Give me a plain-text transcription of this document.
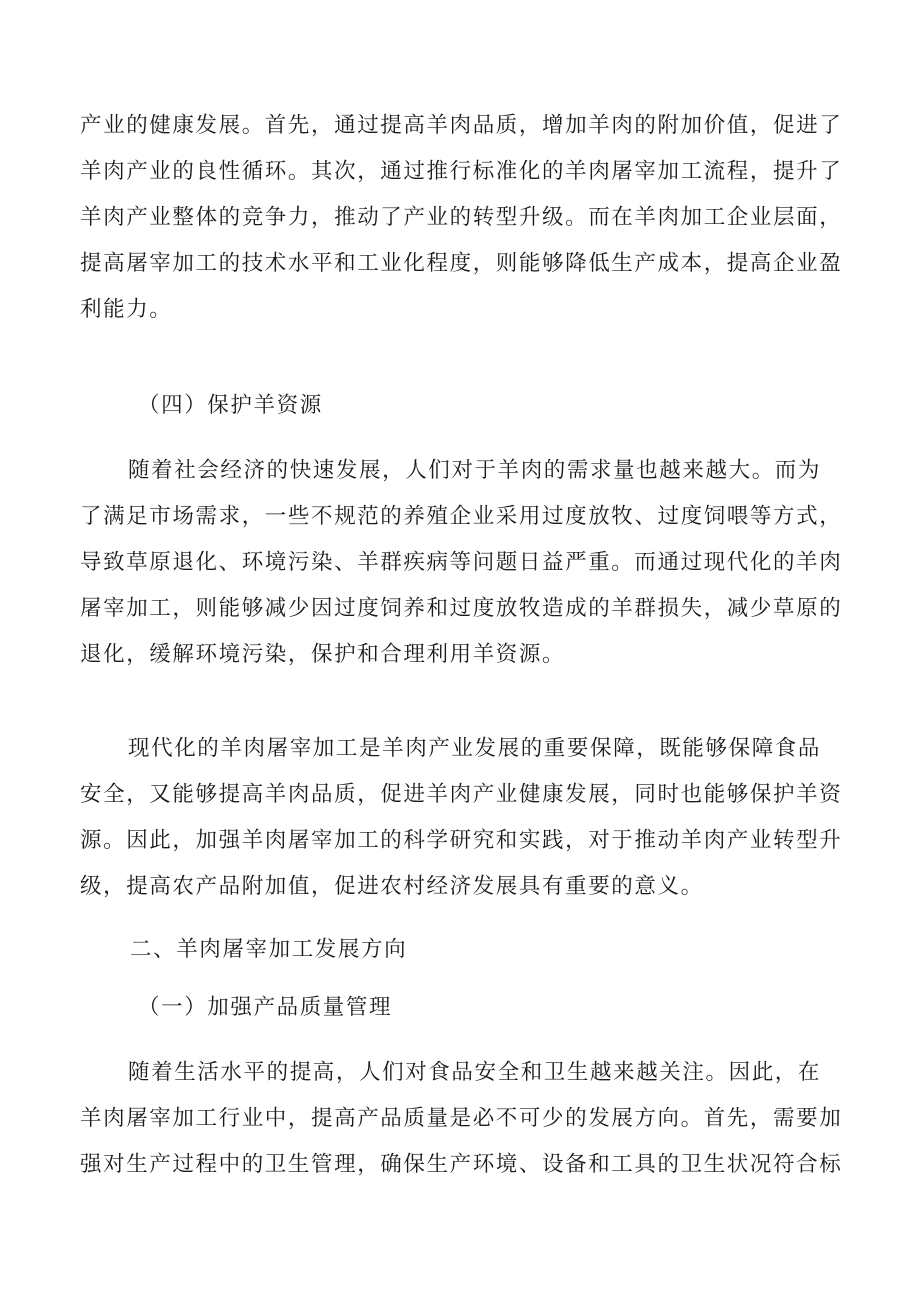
产业的健康发展。首先，通过提高羊肉品质，增加羊肉的附加价值，促进了
羊肉产业的良性循环。其次，通过推行标准化的羊肉屠宰加工流程，提升了
羊肉产业整体的竞争力，推动了产业的转型升级。而在羊肉加工企业层面，
提高屠宰加工的技术水平和工业化程度，则能够降低生产成本，提高企业盈
利能力。
（四）保护羊资源
随着社会经济的快速发展，人们对于羊肉的需求量也越来越大。而为
了满足市场需求，一些不规范的养殖企业采用过度放牧、过度饲喂等方式，
导致草原退化、环境污染、羊群疾病等问题日益严重。而通过现代化的羊肉
屠宰加工，则能够减少因过度饲养和过度放牧造成的羊群损失，减少草原的
退化，缓解环境污染，保护和合理利用羊资源。
现代化的羊肉屠宰加工是羊肉产业发展的重要保障，既能够保障食品
安全，又能够提高羊肉品质，促进羊肉产业健康发展，同时也能够保护羊资
源。因此，加强羊肉屠宰加工的科学研究和实践，对于推动羊肉产业转型升
级，提高农产品附加值，促进农村经济发展具有重要的意义。
二、羊肉屠宰加工发展方向
（一）加强产品质量管理
随着生活水平的提高，人们对食品安全和卫生越来越关注。因此，在
羊肉屠宰加工行业中，提高产品质量是必不可少的发展方向。首先，需要加
强对生产过程中的卫生管理，确保生产环境、设备和工具的卫生状况符合标
